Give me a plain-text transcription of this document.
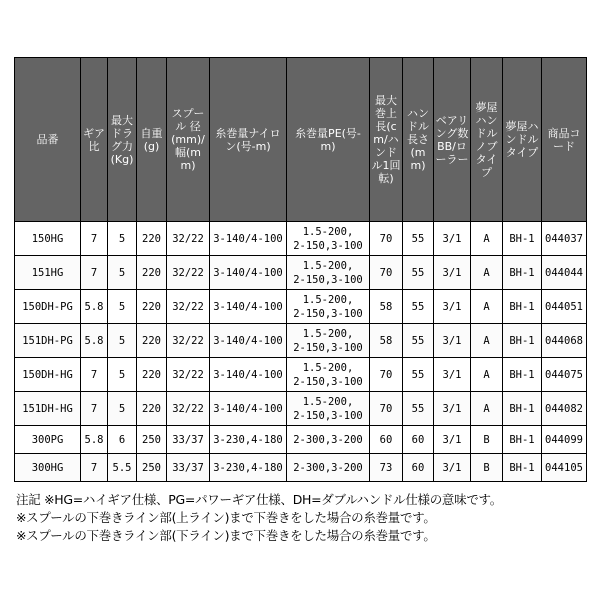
品番	ギア比	最大ドラグ力(Kg)	自重(g)	スプール 径(mm)/幅(mm)	糸巻量ナイロン(号-m)	糸巻量PE(号-m)	最大巻上長(cm/ハンドル1回転)	ハンドル長さ(mm)	ベアリング数BB/ローラー	夢屋ハンドルノブタイプ	夢屋ハンドルタイプ	商品コード

150HG	7	5	220	32/22	3-140/4-100	1.5-200,
2-150,3-100	70	55	3/1	A	BH-1	044037
151HG	7	5	220	32/22	3-140/4-100	1.5-200,
2-150,3-100	70	55	3/1	A	BH-1	044044
150DH-PG	5.8	5	220	32/22	3-140/4-100	1.5-200,
2-150,3-100	58	55	3/1	A	BH-1	044051
151DH-PG	5.8	5	220	32/22	3-140/4-100	1.5-200,
2-150,3-100	58	55	3/1	A	BH-1	044068
150DH-HG	7	5	220	32/22	3-140/4-100	1.5-200,
2-150,3-100	70	55	3/1	A	BH-1	044075
151DH-HG	7	5	220	32/22	3-140/4-100	1.5-200,
2-150,3-100	70	55	3/1	A	BH-1	044082
300PG	5.8	6	250	33/37	3-230,4-180	2-300,3-200	60	60	3/1	B	BH-1	044099
300HG	7	5.5	250	33/37	3-230,4-180	2-300,3-200	73	60	3/1	B	BH-1	044105
注記 ※HG=ハイギア仕様、PG=パワーギア仕様、DH=ダブルハンドル仕様の意味です。
※スプールの下巻きライン部(上ライン)まで下巻きをした場合の糸巻量です。
※スプールの下巻きライン部(下ライン)まで下巻きをした場合の糸巻量です。
